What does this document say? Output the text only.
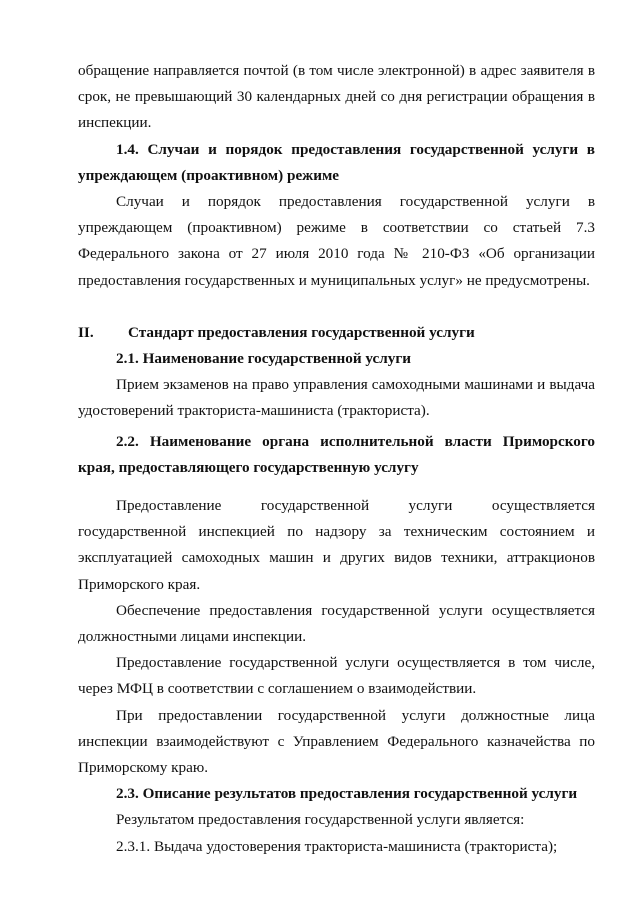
обращение направляется почтой (в том числе электронной) в адрес заявителя в срок, не превышающий 30 календарных дней со дня регистрации обращения в инспекции.

1.4. Случаи и порядок предоставления государственной услуги в упреждающем (проактивном) режиме

Случаи и порядок предоставления государственной услуги в упреждающем (проактивном) режиме в соответствии со статьей 7.3 Федерального закона от 27 июля 2010 года № 210-ФЗ «Об организации предоставления государственных и муниципальных услуг» не предусмотрены.

II. Стандарт предоставления государственной услуги

2.1. Наименование государственной услуги

Прием экзаменов на право управления самоходными машинами и выдача удостоверений тракториста-машиниста (тракториста).

2.2. Наименование органа исполнительной власти Приморского края, предоставляющего государственную услугу

Предоставление государственной услуги осуществляется государственной инспекцией по надзору за техническим состоянием и эксплуатацией самоходных машин и других видов техники, аттракционов Приморского края.

Обеспечение предоставления государственной услуги осуществляется должностными лицами инспекции.

Предоставление государственной услуги осуществляется в том числе, через МФЦ в соответствии с соглашением о взаимодействии.

При предоставлении государственной услуги должностные лица инспекции взаимодействуют с Управлением Федерального казначейства по Приморскому краю.

2.3. Описание результатов предоставления государственной услуги

Результатом предоставления государственной услуги является:

2.3.1. Выдача удостоверения тракториста-машиниста (тракториста);
